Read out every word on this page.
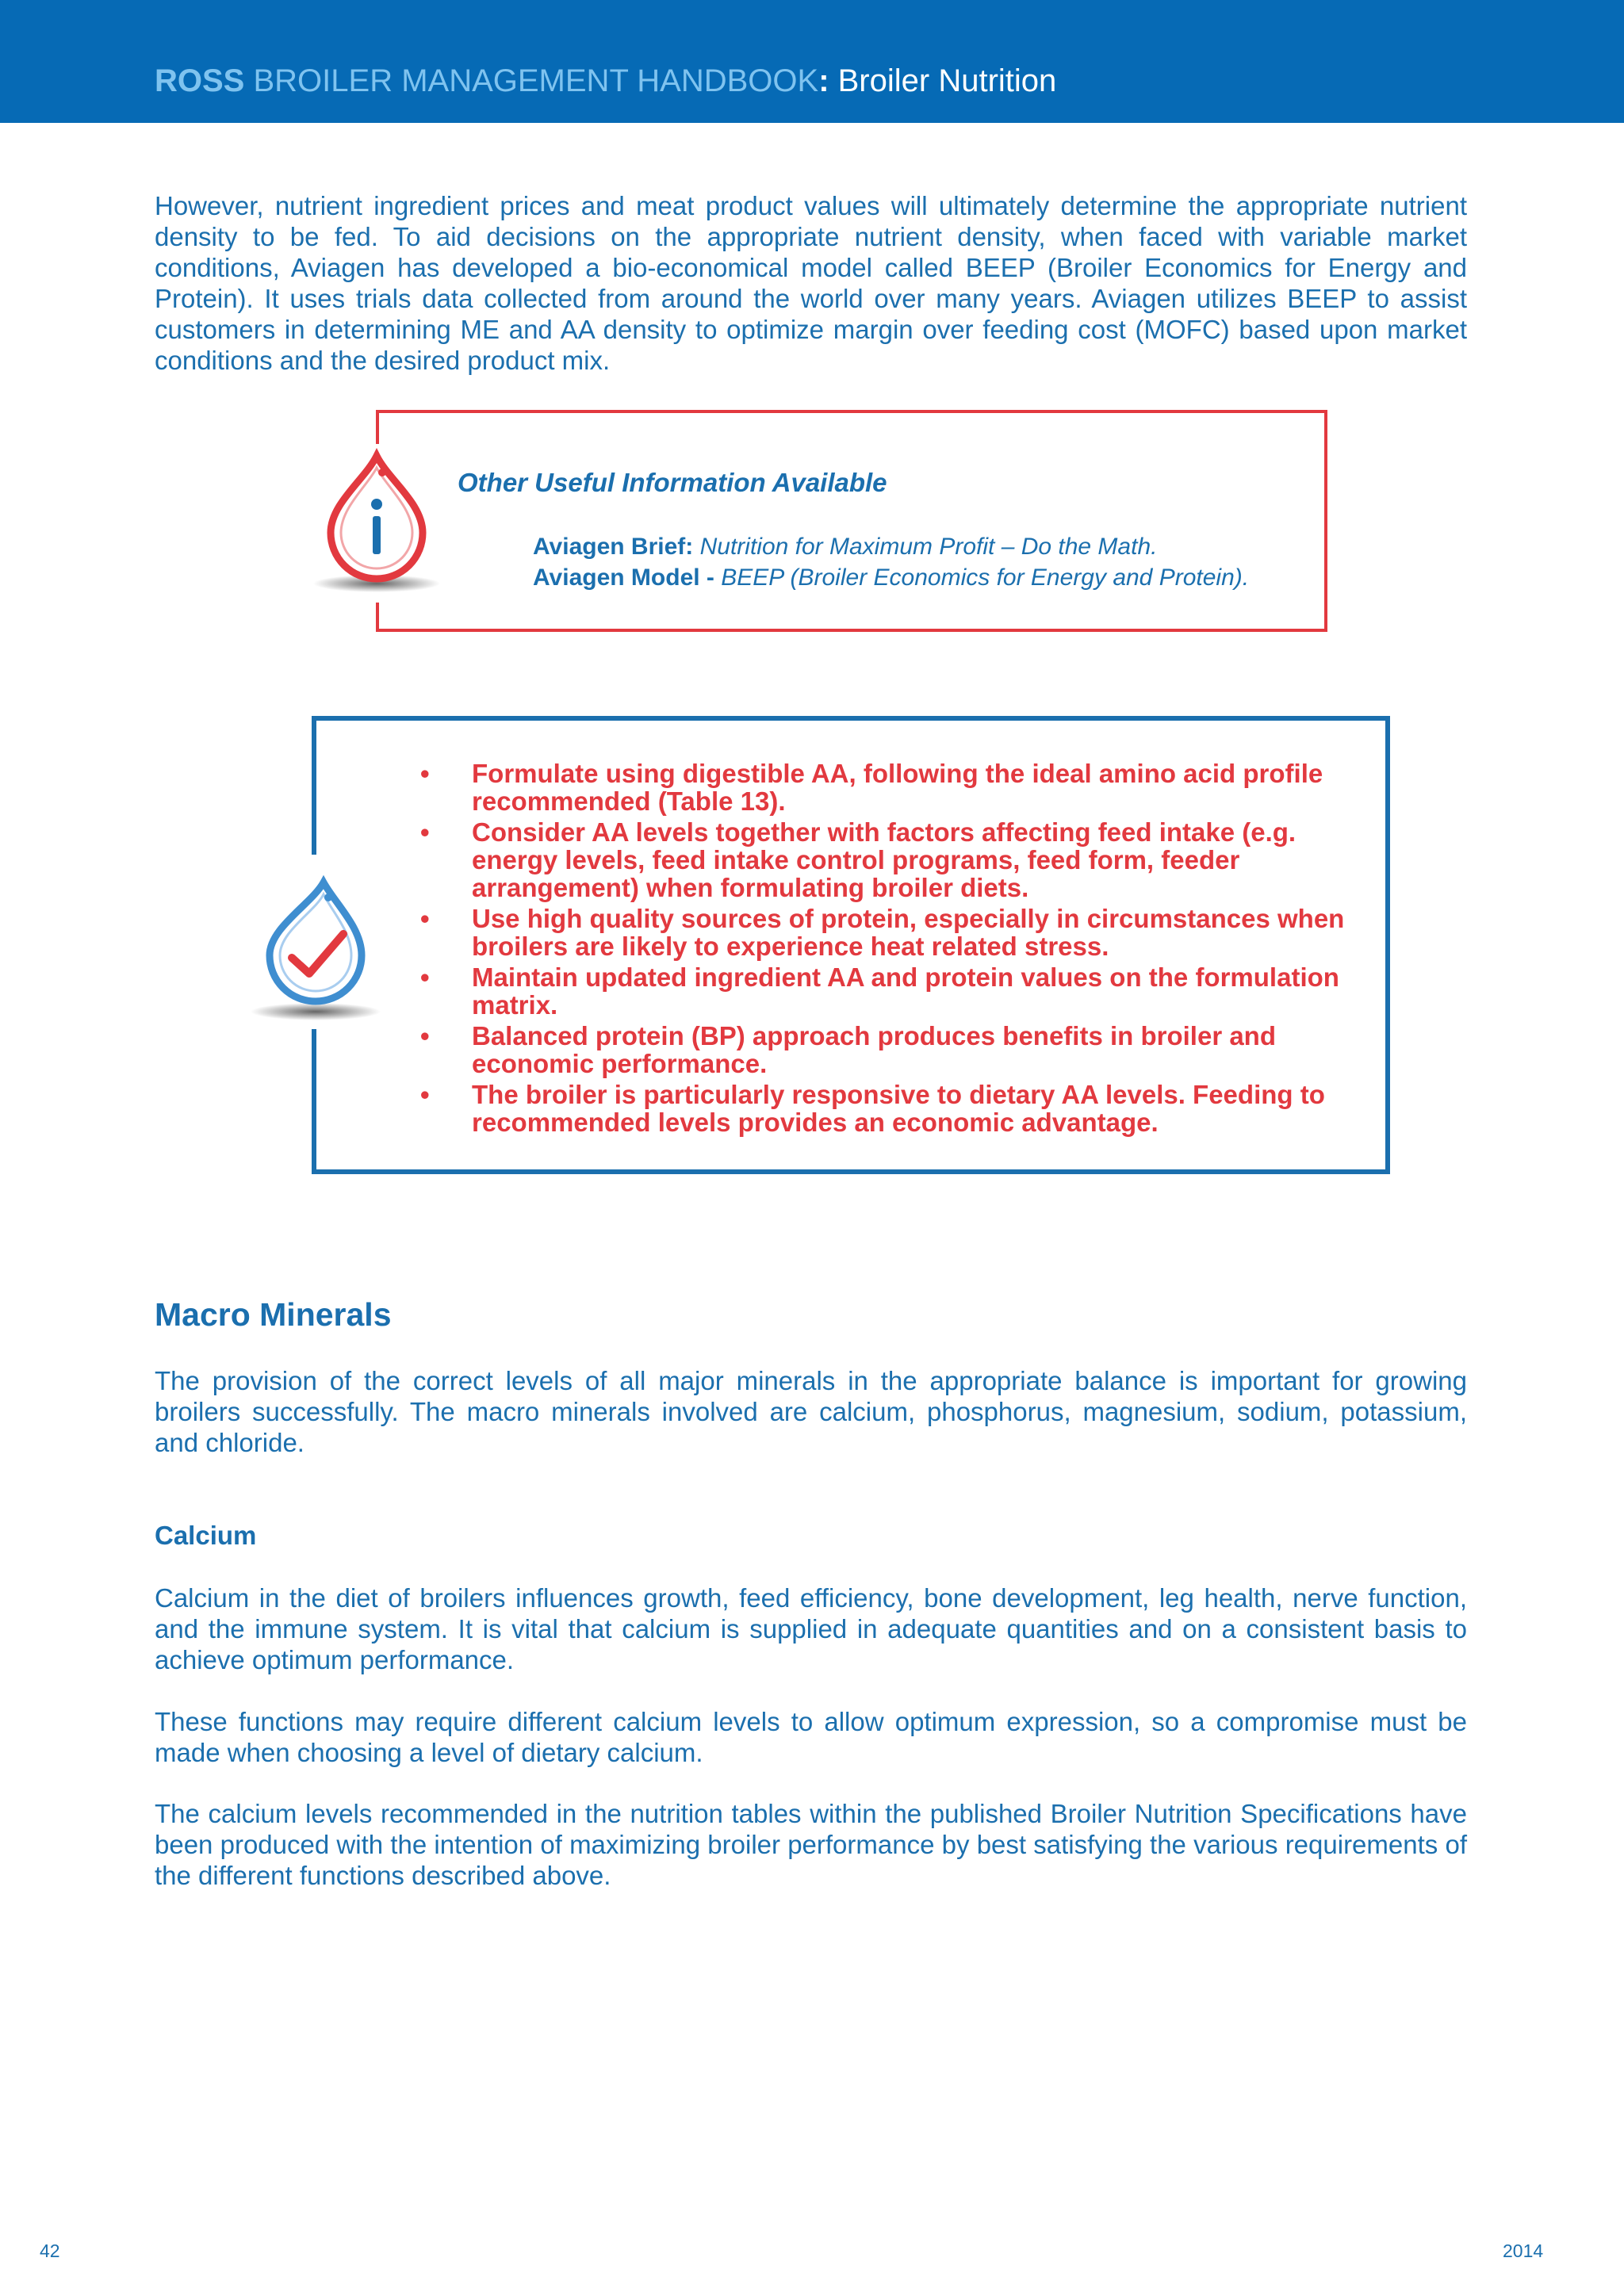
ROSS BROILER MANAGEMENT HANDBOOK: Broiler Nutrition

However, nutrient ingredient prices and meat product values will ultimately determine the appropriate nutrient density to be fed. To aid decisions on the appropriate nutrient density, when faced with variable market conditions, Aviagen has developed a bio-economical model called BEEP (Broiler Economics for Energy and Protein). It uses trials data collected from around the world over many years. Aviagen utilizes BEEP to assist customers in determining ME and AA density to optimize margin over feeding cost (MOFC) based upon market conditions and the desired product mix.

Other Useful Information Available
Aviagen Brief: Nutrition for Maximum Profit – Do the Math.
Aviagen Model - BEEP (Broiler Economics for Energy and Protein).
• Formulate using digestible AA, following the ideal amino acid profile recommended (Table 13).
• Consider AA levels together with factors affecting feed intake (e.g. energy levels, feed intake control programs, feed form, feeder arrangement) when formulating broiler diets.
• Use high quality sources of protein, especially in circumstances when broilers are likely to experience heat related stress.
• Maintain updated ingredient AA and protein values on the formulation matrix.
• Balanced protein (BP) approach produces benefits in broiler and economic performance.
• The broiler is particularly responsive to dietary AA levels. Feeding to recommended levels provides an economic advantage.
Macro Minerals

The provision of the correct levels of all major minerals in the appropriate balance is important for growing broilers successfully. The macro minerals involved are calcium, phosphorus, magnesium, sodium, potassium, and chloride.

Calcium

Calcium in the diet of broilers influences growth, feed efficiency, bone development, leg health, nerve function, and the immune system. It is vital that calcium is supplied in adequate quantities and on a consistent basis to achieve optimum performance.

These functions may require different calcium levels to allow optimum expression, so a compromise must be made when choosing a level of dietary calcium.

The calcium levels recommended in the nutrition tables within the published Broiler Nutrition Specifications have been produced with the intention of maximizing broiler performance by best satisfying the various requirements of the different functions described above.

42	2014
